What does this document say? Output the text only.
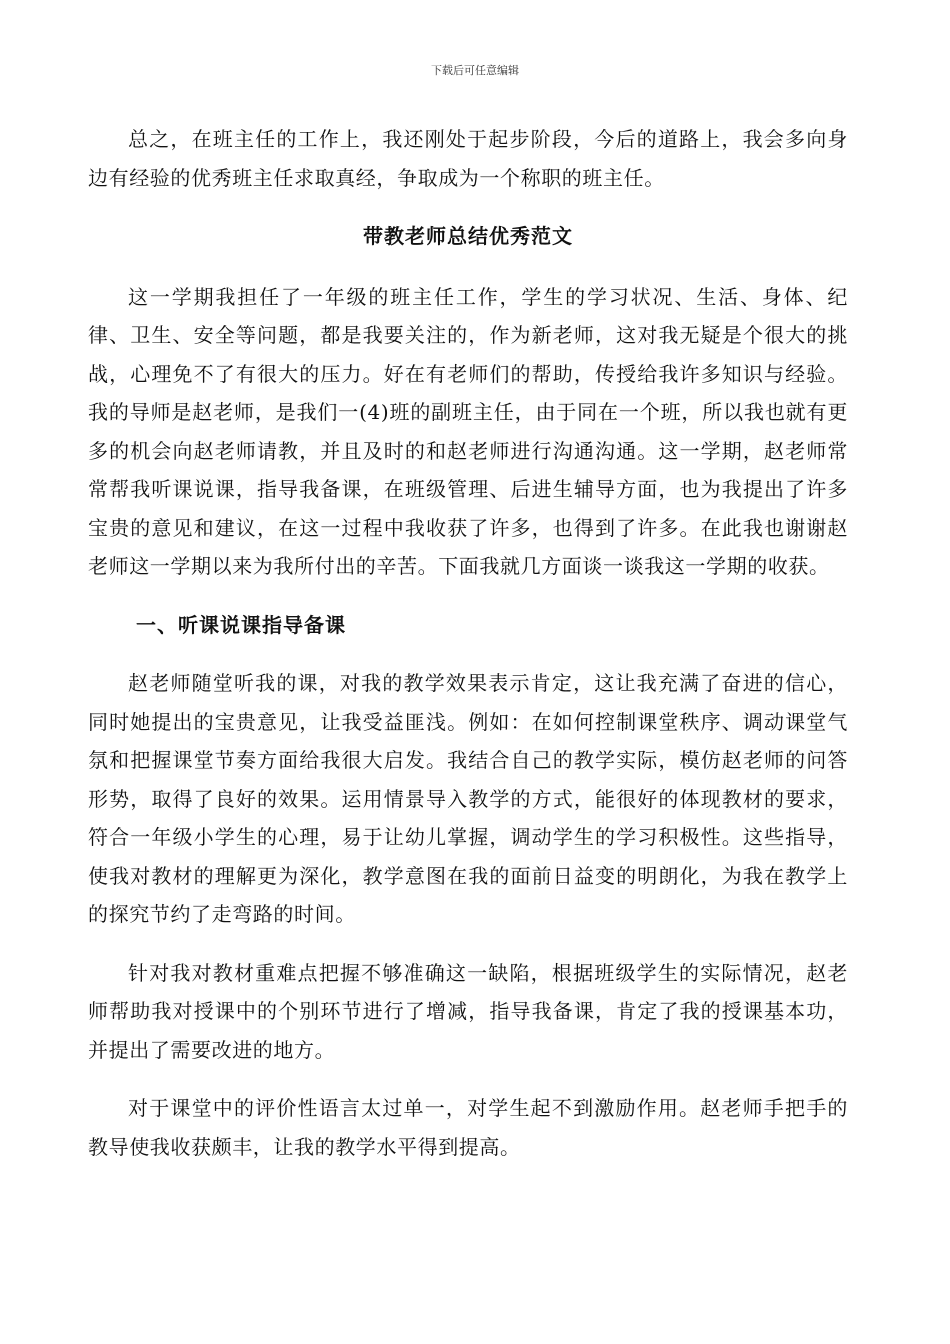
下载后可任意编辑

总之，在班主任的工作上，我还刚处于起步阶段，今后的道路上，我会多向身边有经验的优秀班主任求取真经，争取成为一个称职的班主任。

带教老师总结优秀范文

这一学期我担任了一年级的班主任工作，学生的学习状况、生活、身体、纪律、卫生、安全等问题，都是我要关注的，作为新老师，这对我无疑是个很大的挑战，心理免不了有很大的压力。好在有老师们的帮助，传授给我许多知识与经验。我的导师是赵老师，是我们一(4)班的副班主任，由于同在一个班，所以我也就有更多的机会向赵老师请教，并且及时的和赵老师进行沟通沟通。这一学期，赵老师常常帮我听课说课，指导我备课，在班级管理、后进生辅导方面，也为我提出了许多宝贵的意见和建议，在这一过程中我收获了许多，也得到了许多。在此我也谢谢赵老师这一学期以来为我所付出的辛苦。下面我就几方面谈一谈我这一学期的收获。

一、听课说课指导备课

赵老师随堂听我的课，对我的教学效果表示肯定，这让我充满了奋进的信心，同时她提出的宝贵意见，让我受益匪浅。例如：在如何控制课堂秩序、调动课堂气氛和把握课堂节奏方面给我很大启发。我结合自己的教学实际，模仿赵老师的问答形势，取得了良好的效果。运用情景导入教学的方式，能很好的体现教材的要求，符合一年级小学生的心理，易于让幼儿掌握，调动学生的学习积极性。这些指导，使我对教材的理解更为深化，教学意图在我的面前日益变的明朗化，为我在教学上的探究节约了走弯路的时间。

针对我对教材重难点把握不够准确这一缺陷，根据班级学生的实际情况，赵老师帮助我对授课中的个别环节进行了增减，指导我备课，肯定了我的授课基本功，并提出了需要改进的地方。

对于课堂中的评价性语言太过单一，对学生起不到激励作用。赵老师手把手的教导使我收获颇丰，让我的教学水平得到提高。
